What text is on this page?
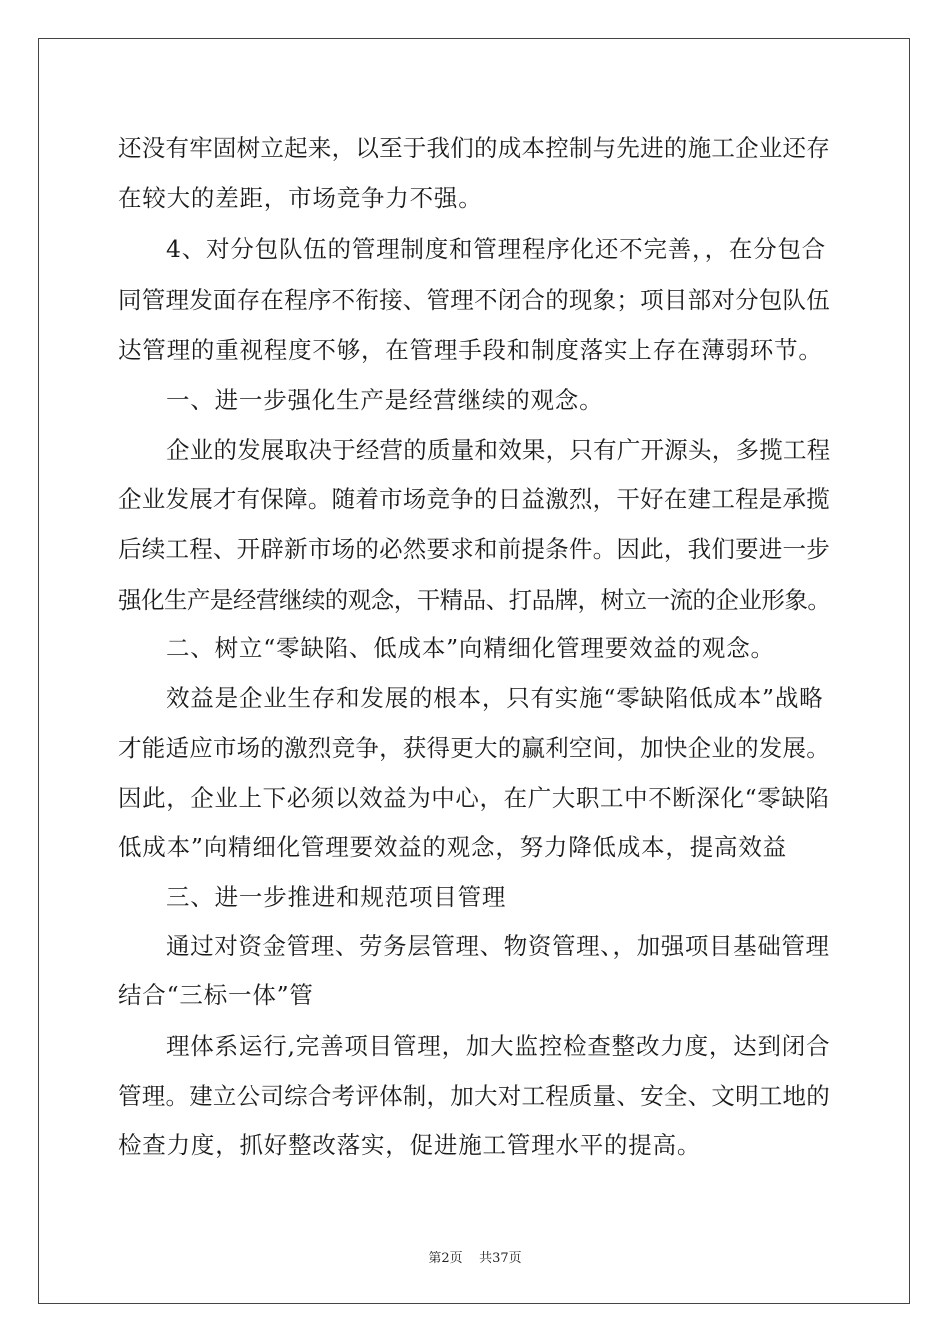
还没有牢固树立起来，以至于我们的成本控制与先进的施工企业还存
在较大的差距，市场竞争力不强。
4、对分包队伍的管理制度和管理程序化还不完善，，在分包合
同管理发面存在程序不衔接、管理不闭合的现象；项目部对分包队伍
达管理的重视程度不够，在管理手段和制度落实上存在薄弱环节。
一、进一步强化生产是经营继续的观念。
企业的发展取决于经营的质量和效果，只有广开源头，多揽工程
企业发展才有保障。随着市场竞争的日益激烈，干好在建工程是承揽
后续工程、开辟新市场的必然要求和前提条件。因此，我们要进一步
强化生产是经营继续的观念，干精品、打品牌，树立一流的企业形象。
二、树立“零缺陷、低成本”向精细化管理要效益的观念。
效益是企业生存和发展的根本，只有实施“零缺陷低成本”战略
才能适应市场的激烈竞争，获得更大的赢利空间，加快企业的发展。
因此，企业上下必须以效益为中心，在广大职工中不断深化“零缺陷
低成本”向精细化管理要效益的观念，努力降低成本，提高效益
三、进一步推进和规范项目管理
通过对资金管理、劳务层管理、物资管理、，加强项目基础管理
结合“三标一体”管
理体系运行,完善项目管理，加大监控检查整改力度，达到闭合
管理。建立公司综合考评体制，加大对工程质量、安全、文明工地的
检查力度，抓好整改落实，促进施工管理水平的提高。
第2页 共37页
